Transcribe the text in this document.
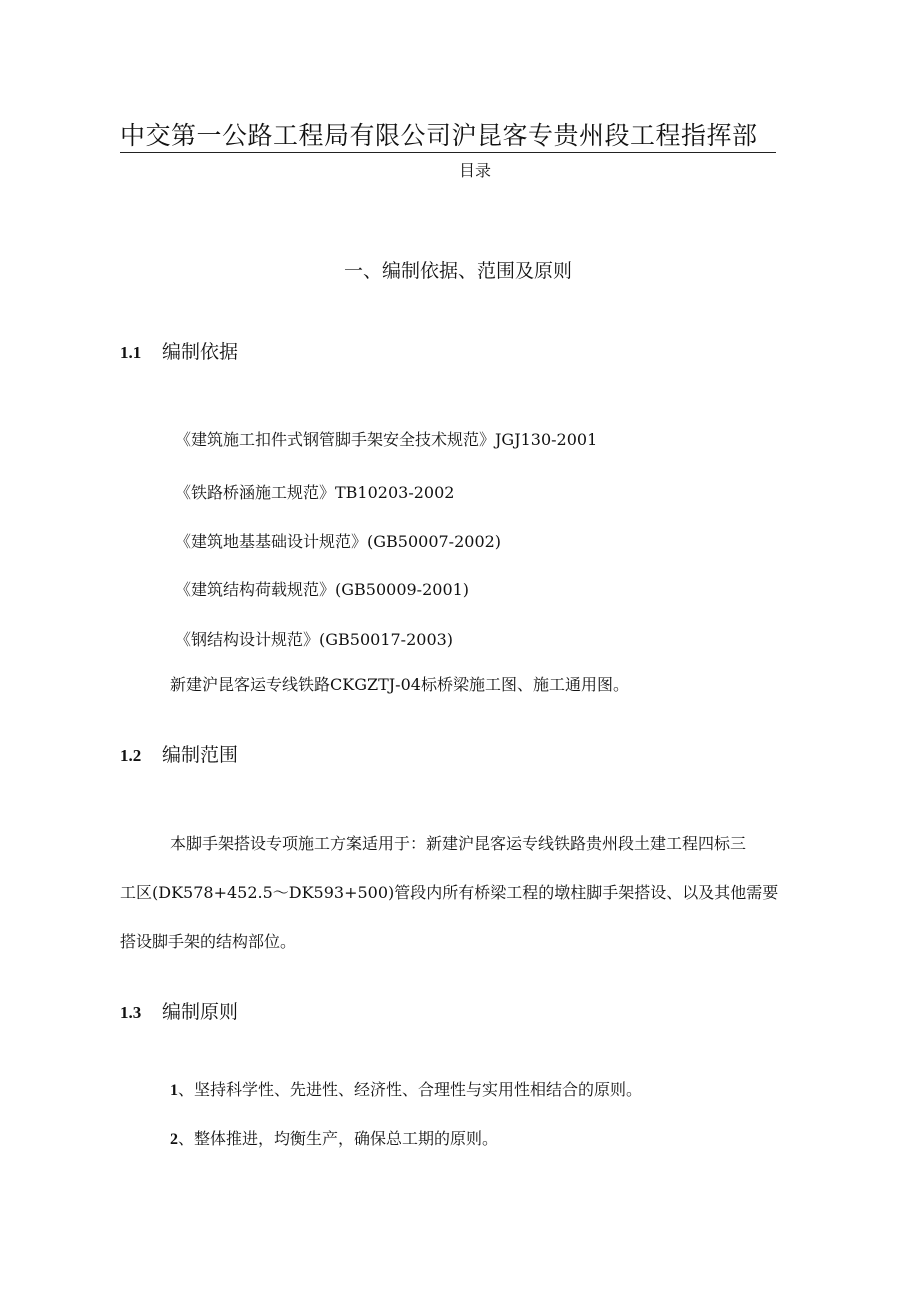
中交第一公路工程局有限公司沪昆客专贵州段工程指挥部
目录
一、编制依据、范围及原则
1.1 编制依据
《建筑施工扣件式钢管脚手架安全技术规范》JGJ130-2001
《铁路桥涵施工规范》TB10203-2002
《建筑地基基础设计规范》(GB50007-2002)
《建筑结构荷载规范》(GB50009-2001)
《钢结构设计规范》(GB50017-2003)
新建沪昆客运专线铁路CKGZTJ-04标桥梁施工图、施工通用图。
1.2 编制范围
本脚手架搭设专项施工方案适用于：新建沪昆客运专线铁路贵州段土建工程四标三
工区(DK578+452.5～DK593+500)管段内所有桥梁工程的墩柱脚手架搭设、以及其他需要
搭设脚手架的结构部位。
1.3 编制原则
1、坚持科学性、先进性、经济性、合理性与实用性相结合的原则。
2、整体推进，均衡生产，确保总工期的原则。
